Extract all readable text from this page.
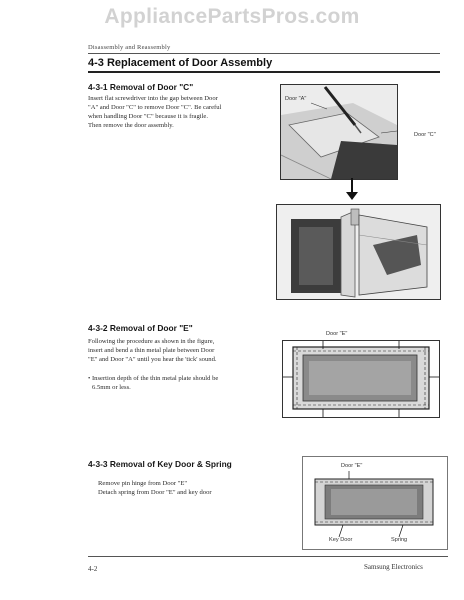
AppliancePartsPros.com
Disassembly and Reassembly
4-3 Replacement of Door Assembly
4-3-1 Removal of Door "C"
Insert flat screwdriver into the gap between Door
"A" and Door "C" to remove Door "C". Be careful
when handling Door "C" because it is fragile.
Then remove the door assembly.
Door "A"
Door "C"
4-3-2 Removal of Door "E"
Following the procedure as shown in the figure,
insert and bend a thin metal plate between Door
"E" and Door "A" until you hear the 'tick' sound.
• Insertion depth of the thin metal plate should be
6.5mm or less.
Door "E"
4-3-3 Removal of Key Door & Spring
Remove pin hinge from Door "E"
Detach spring from Door "E" and key door
Door "E"
Key Door	Spring
4-2	Samsung Electronics
